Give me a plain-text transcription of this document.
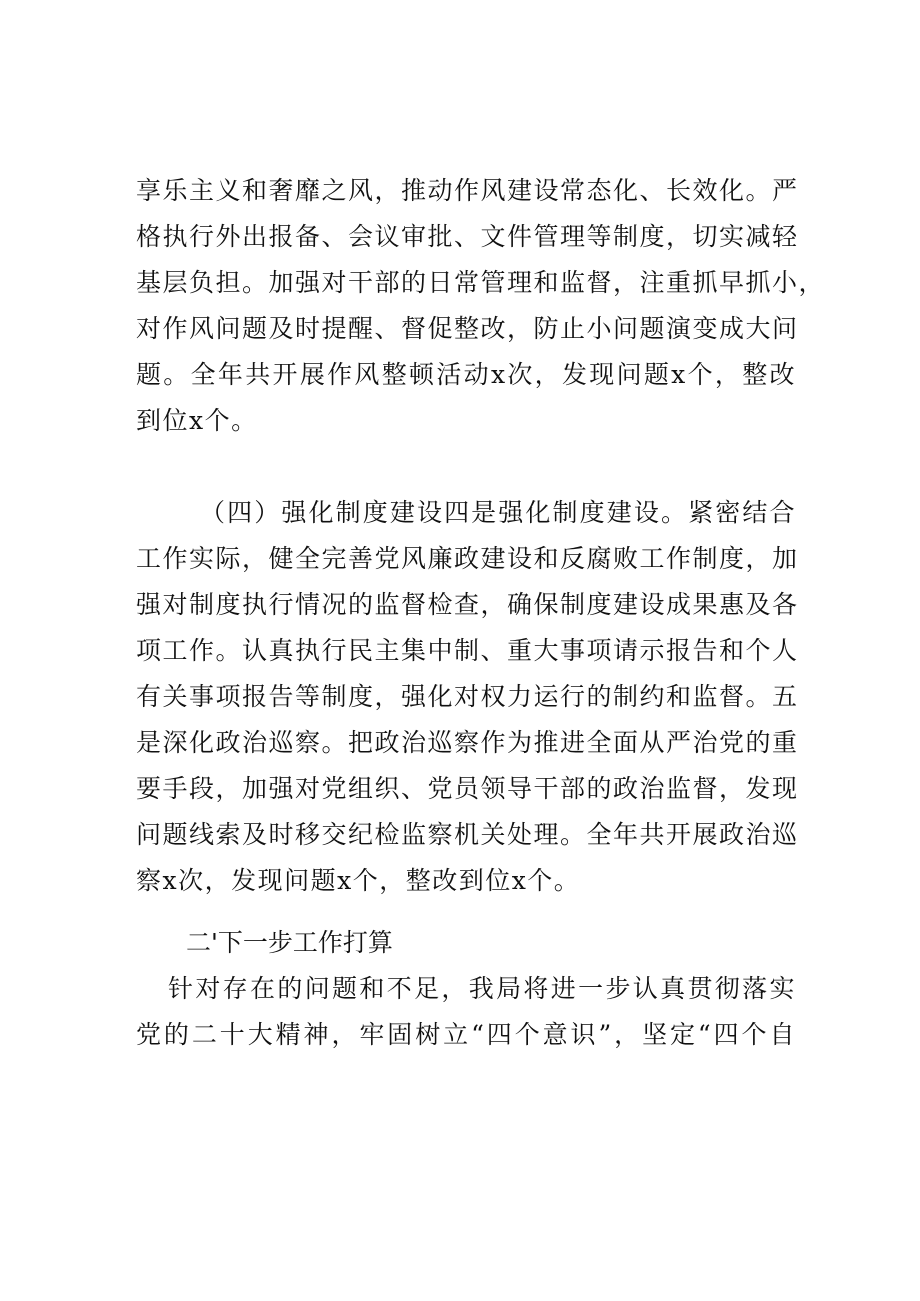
享乐主义和奢靡之风，推动作风建设常态化、长效化。严
格执行外出报备、会议审批、文件管理等制度，切实减轻
基层负担。加强对干部的日常管理和监督，注重抓早抓小，
对作风问题及时提醒、督促整改，防止小问题演变成大问
题。全年共开展作风整顿活动x次，发现问题x个，整改
到位x个。
（四）强化制度建设四是强化制度建设。紧密结合
工作实际，健全完善党风廉政建设和反腐败工作制度，加
强对制度执行情况的监督检查，确保制度建设成果惠及各
项工作。认真执行民主集中制、重大事项请示报告和个人
有关事项报告等制度，强化对权力运行的制约和监督。五
是深化政治巡察。把政治巡察作为推进全面从严治党的重
要手段，加强对党组织、党员领导干部的政治监督，发现
问题线索及时移交纪检监察机关处理。全年共开展政治巡
察x次，发现问题x个，整改到位x个。
二'下一步工作打算
针对存在的问题和不足，我局将进一步认真贯彻落实
党的二十大精神，牢固树立“四个意识”，坚定“四个自
